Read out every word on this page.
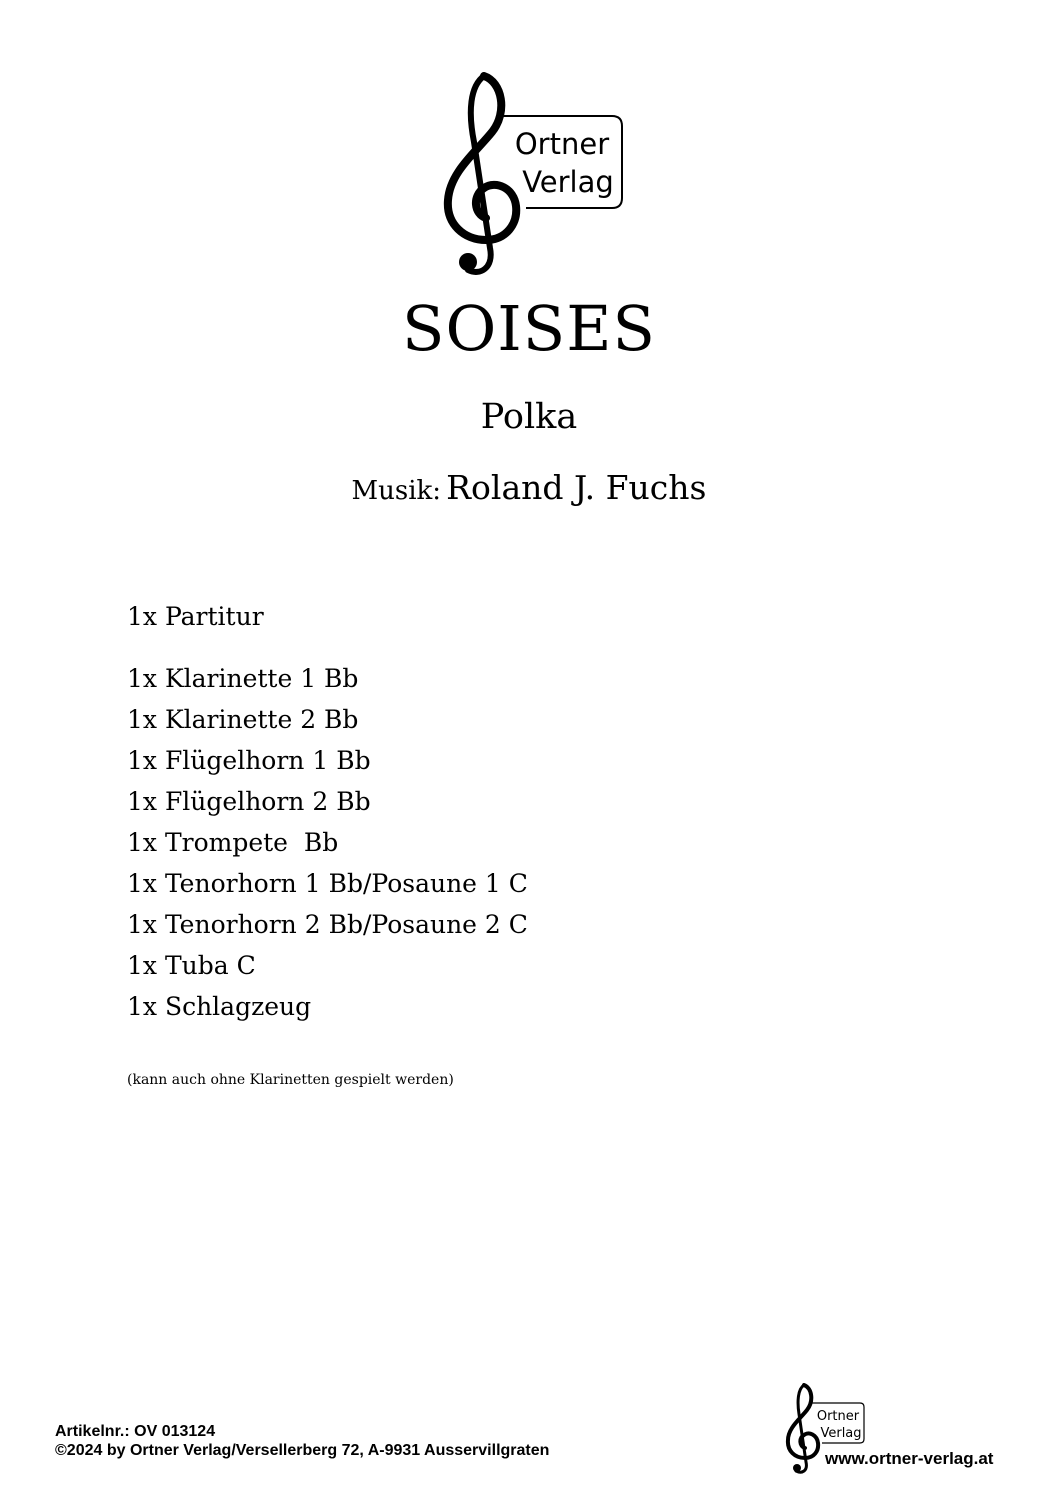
Ortner
Verlag
SOISES
Polka
Musik: Roland J. Fuchs
1x Partitur
1x Klarinette 1 Bb
1x Klarinette 2 Bb
1x Flügelhorn 1 Bb
1x Flügelhorn 2 Bb
1x Trompete  Bb
1x Tenorhorn 1 Bb/Posaune 1 C
1x Tenorhorn 2 Bb/Posaune 2 C
1x Tuba C
1x Schlagzeug
(kann auch ohne Klarinetten gespielt werden)
Artikelnr.: OV 013124
©2024 by Ortner Verlag/Versellerberg 72, A-9931 Ausservillgraten
Ortner
Verlag
www.ortner-verlag.at
